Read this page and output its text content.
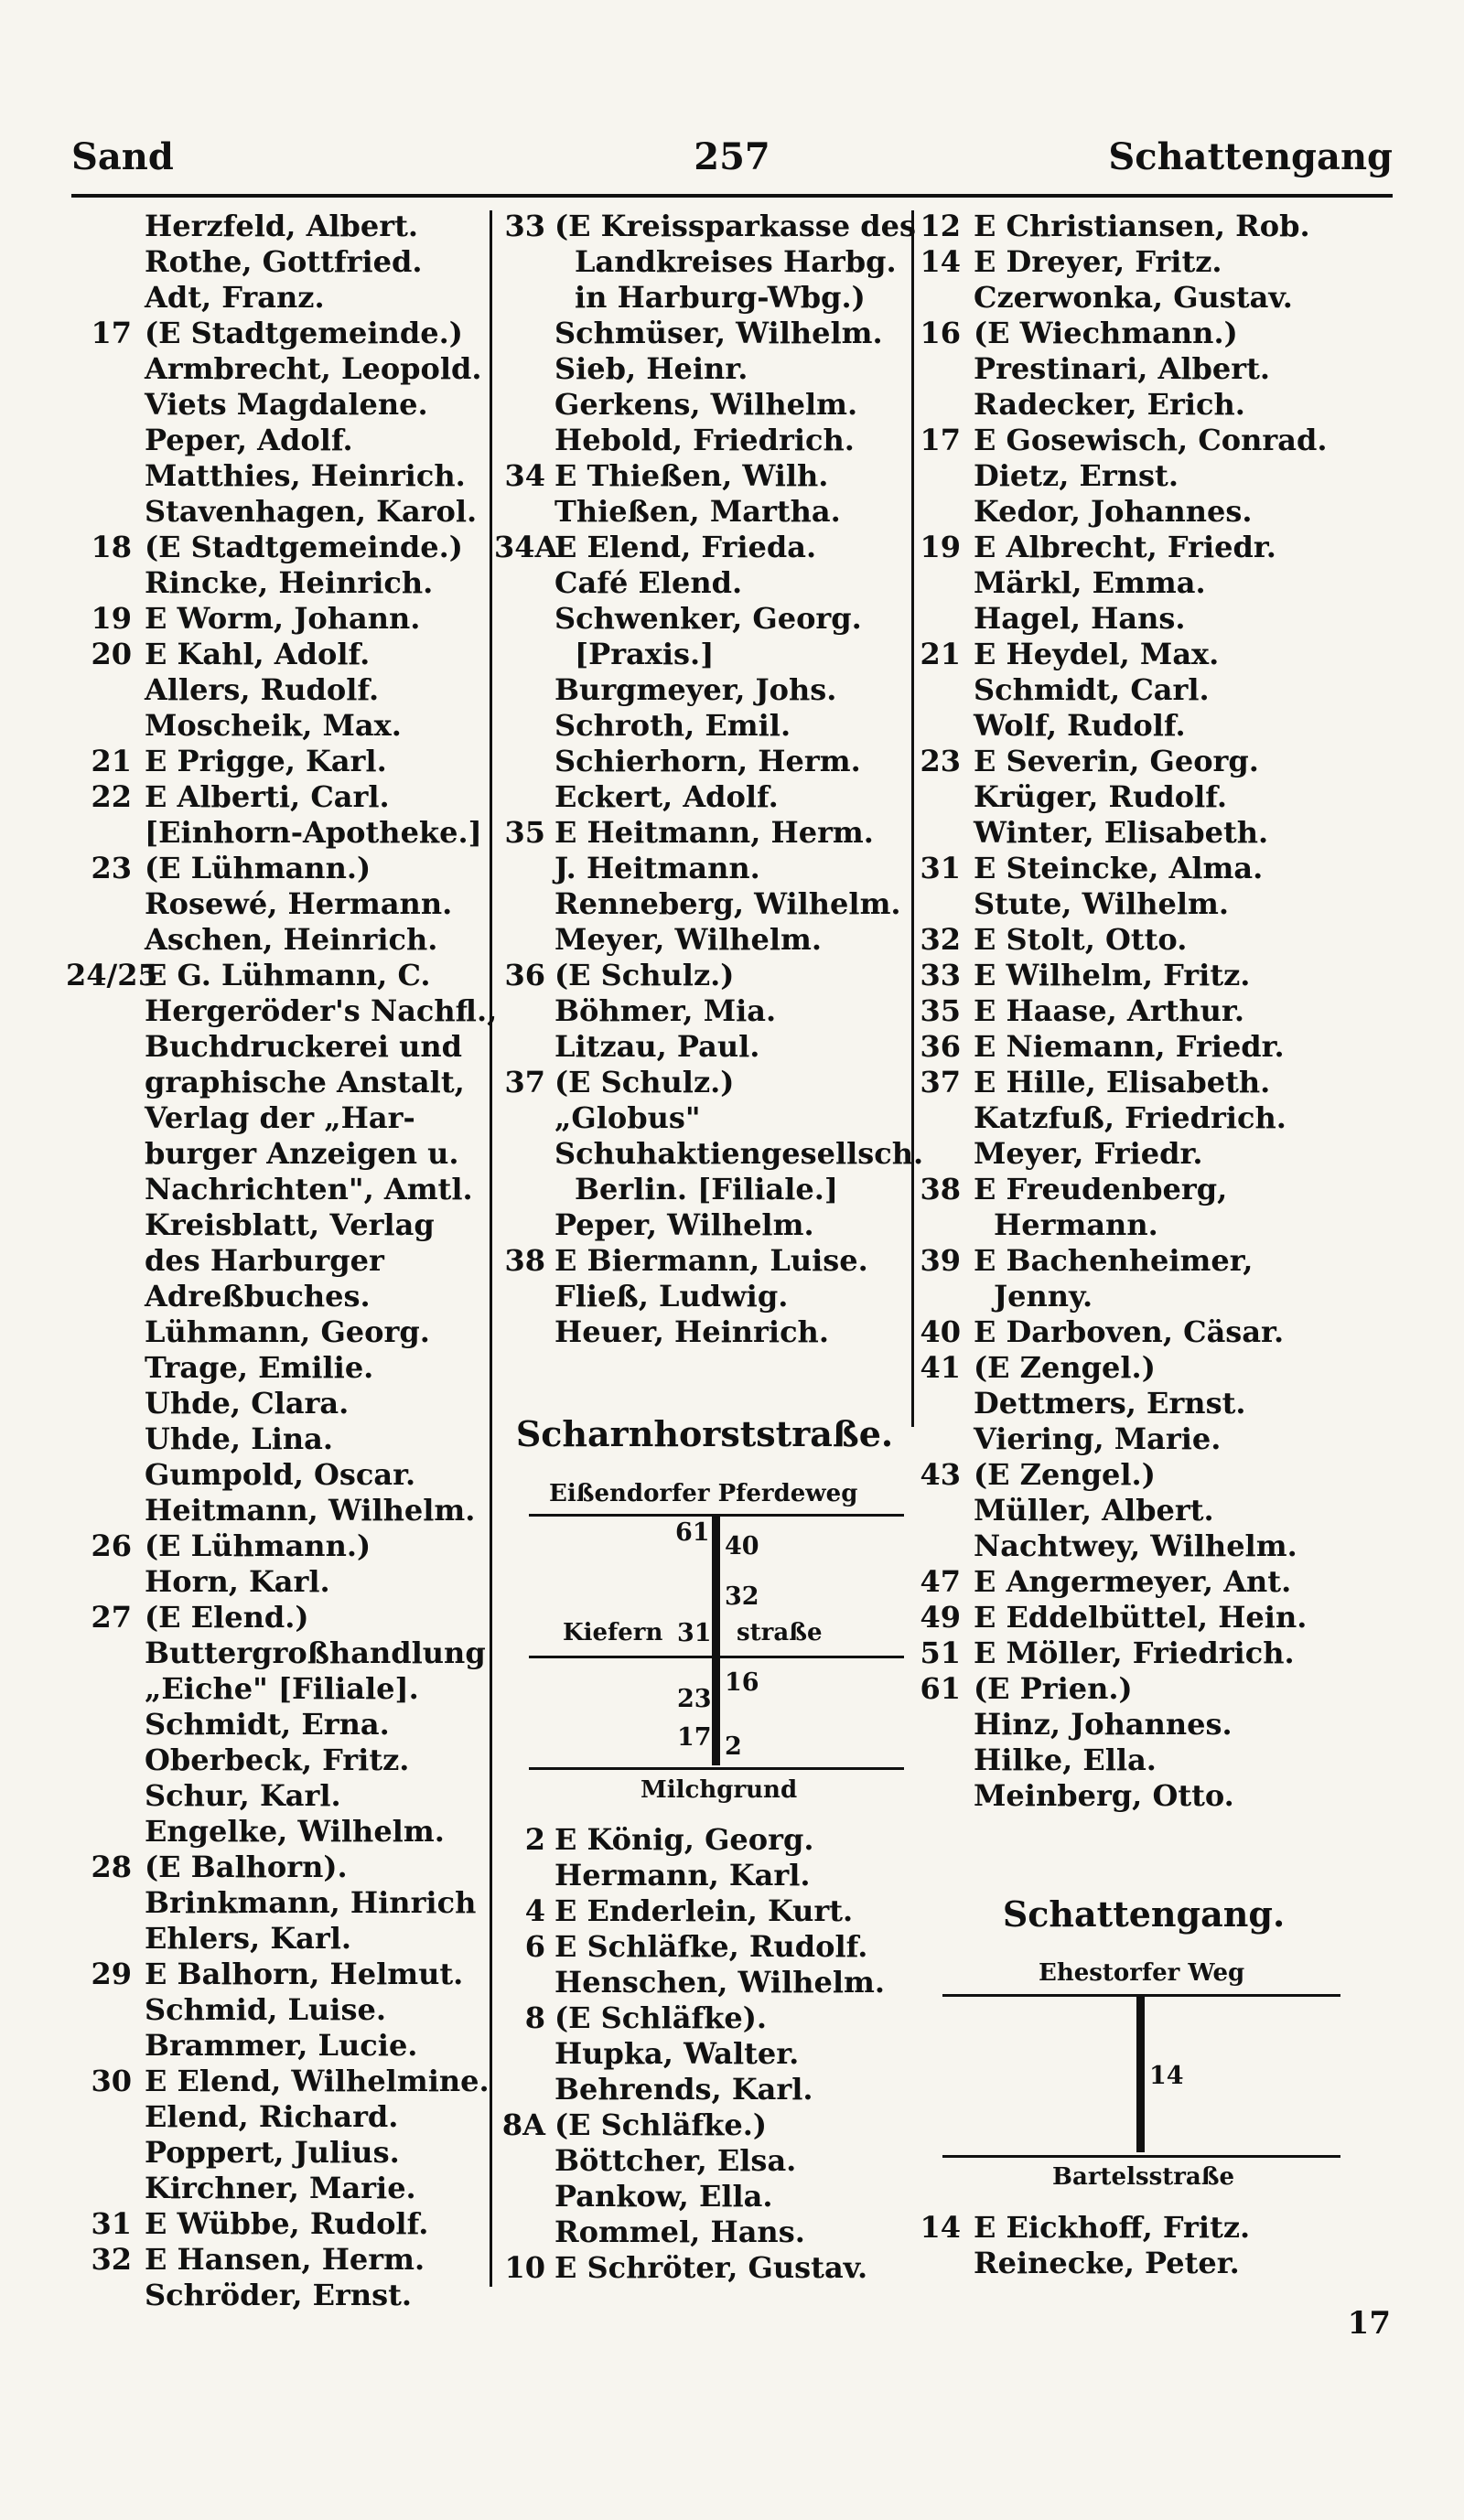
Sand	257	Schattengang
Herzfeld, Albert.
Rothe, Gottfried.
Adt, Franz.
17 (E Stadtgemeinde.)
Armbrecht, Leopold.
Viets Magdalene.
Peper, Adolf.
Matthies, Heinrich.
Stavenhagen, Karol.
18 (E Stadtgemeinde.)
Rincke, Heinrich.
19 E Worm, Johann.
20 E Kahl, Adolf.
Allers, Rudolf.
Moscheik, Max.
21 E Prigge, Karl.
22 E Alberti, Carl.
[Einhorn-Apotheke.]
23 (E Lühmann.)
Rosewé, Hermann.
Aschen, Heinrich.
24/25
E G. Lühmann, C.
Hergeröder's Nachfl.,
Buchdruckerei und
graphische Anstalt,
Verlag der „Har-
burger Anzeigen u.
Nachrichten", Amtl.
Kreisblatt, Verlag
des Harburger
Adreßbuches.
Lühmann, Georg.
Trage, Emilie.
Uhde, Clara.
Uhde, Lina.
Gumpold, Oscar.
Heitmann, Wilhelm.
26 (E Lühmann.)
Horn, Karl.
27 (E Elend.)
Buttergroßhandlung
„Eiche" [Filiale].
Schmidt, Erna.
Oberbeck, Fritz.
Schur, Karl.
Engelke, Wilhelm.
28 (E Balhorn).
Brinkmann, Hinrich
Ehlers, Karl.
29 E Balhorn, Helmut.
Schmid, Luise.
Brammer, Lucie.
30 E Elend, Wilhelmine.
Elend, Richard.
Poppert, Julius.
Kirchner, Marie.
31 E Wübbe, Rudolf.
32 E Hansen, Herm.
Schröder, Ernst.
33 (E Kreissparkasse des
Landkreises Harbg.
in Harburg-Wbg.)
Schmüser, Wilhelm.
Sieb, Heinr.
Gerkens, Wilhelm.
Hebold, Friedrich.
34 E Thießen, Wilh.
Thießen, Martha.
34A
E Elend, Frieda.
Café Elend.
Schwenker, Georg.
[Praxis.]
Burgmeyer, Johs.
Schroth, Emil.
Schierhorn, Herm.
Eckert, Adolf.
35 E Heitmann, Herm.
J. Heitmann.
Renneberg, Wilhelm.
Meyer, Wilhelm.
36 (E Schulz.)
Böhmer, Mia.
Litzau, Paul.
37 (E Schulz.)
„Globus"
Schuhaktiengesellsch.
Berlin. [Filiale.]
Peper, Wilhelm.
38 E Biermann, Luise.
Fließ, Ludwig.
Heuer, Heinrich.
2 E König, Georg.
Hermann, Karl.
4 E Enderlein, Kurt.
6 E Schläfke, Rudolf.
Henschen, Wilhelm.
8 (E Schläfke).
Hupka, Walter.
Behrends, Karl.
8A (E Schläfke.)
Böttcher, Elsa.
Pankow, Ella.
Rommel, Hans.
10 E Schröter, Gustav.
12 E Christiansen, Rob.
14 E Dreyer, Fritz.
Czerwonka, Gustav.
16 (E Wiechmann.)
Prestinari, Albert.
Radecker, Erich.
17 E Gosewisch, Conrad.
Dietz, Ernst.
Kedor, Johannes.
19 E Albrecht, Friedr.
Märkl, Emma.
Hagel, Hans.
21 E Heydel, Max.
Schmidt, Carl.
Wolf, Rudolf.
23 E Severin, Georg.
Krüger, Rudolf.
Winter, Elisabeth.
31 E Steincke, Alma.
Stute, Wilhelm.
32 E Stolt, Otto.
33 E Wilhelm, Fritz.
35 E Haase, Arthur.
36 E Niemann, Friedr.
37 E Hille, Elisabeth.
Katzfuß, Friedrich.
Meyer, Friedr.
38 E Freudenberg,
Hermann.
39 E Bachenheimer,
Jenny.
40 E Darboven, Cäsar.
41 (E Zengel.)
Dettmers, Ernst.
Viering, Marie.
43 (E Zengel.)
Müller, Albert.
Nachtwey, Wilhelm.
47 E Angermeyer, Ant.
49 E Eddelbüttel, Hein.
51 E Möller, Friedrich.
61 (E Prien.)
Hinz, Johannes.
Hilke, Ella.
Meinberg, Otto.
14 E Eickhoff, Fritz.
Reinecke, Peter.
Scharnhorststraße.
Eißendorfer Pferdeweg
61 40
32
Kiefern 31 straße
16
23
17 2
Milchgrund
Schattengang.
Ehestorfer Weg
14
Bartelsstraße
17
